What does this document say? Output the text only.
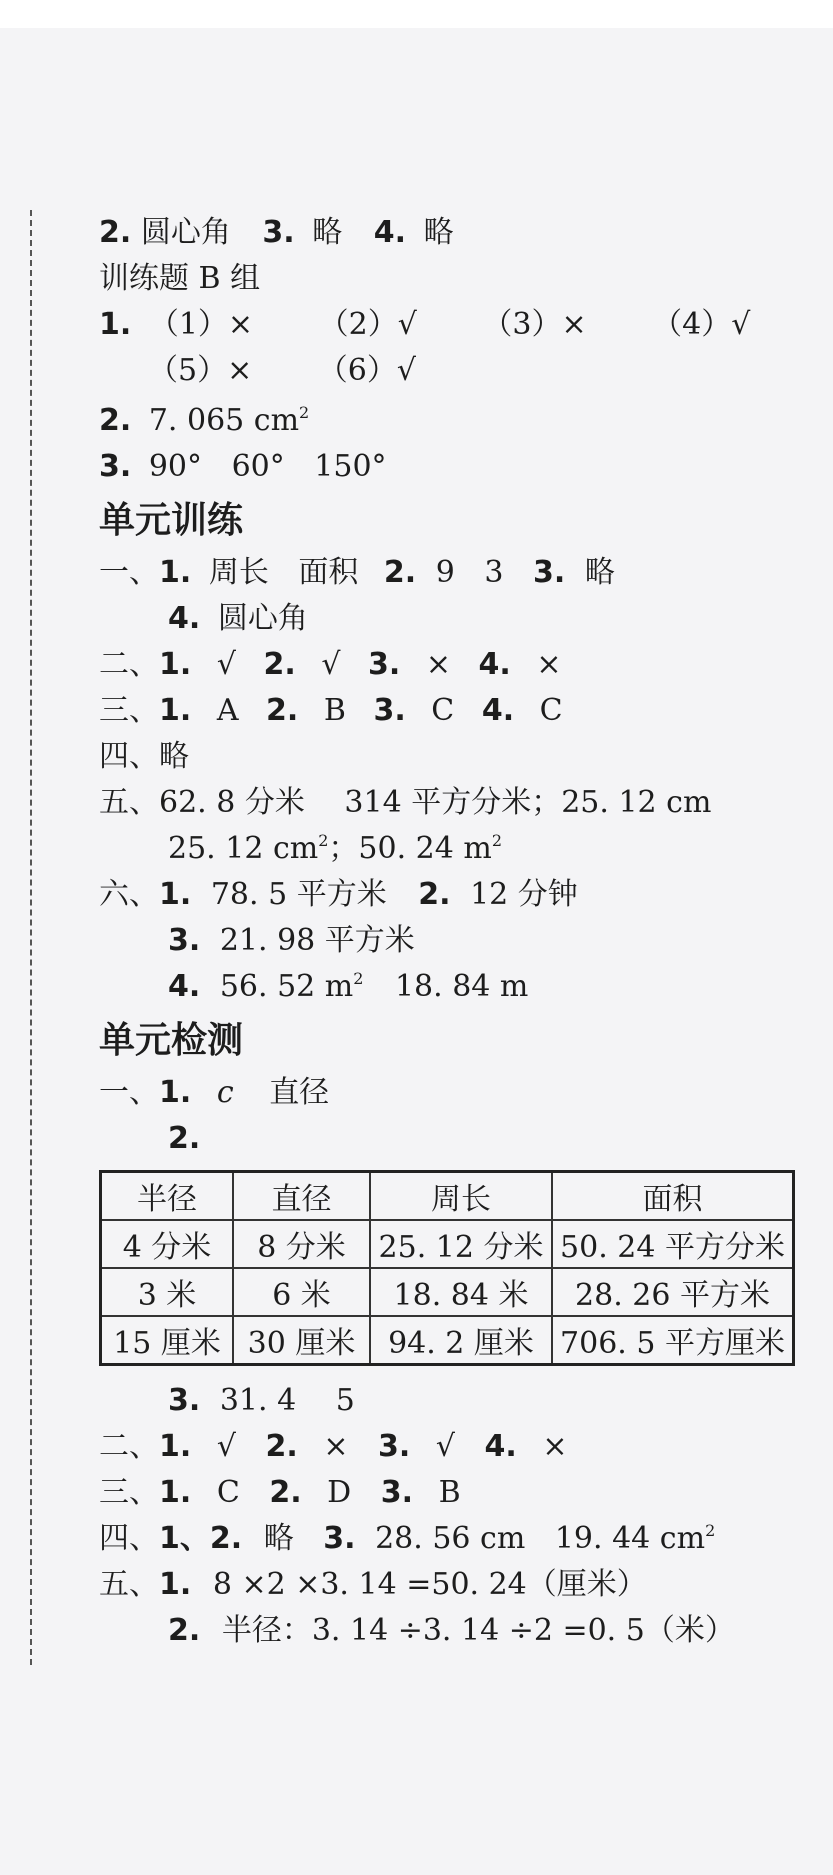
2. 圆心角 3. 略 4. 略
训练题 B 组
1. （1）× （2）√ （3）× （4）√
（5）× （6）√
2. 7. 065 $cm^2$
3. 90° 60° 150°
单元训练
一、1. 周长 面积 2. 9 3 3. 略
4. 圆心角
二、1. √ 2. √ 3. × 4. ×
三、1. A 2. B 3. C 4. C
四、略
五、62. 8 分米　 314 平方分米；25. 12 cm
25. 12 $cm^2$；50. 24 $m^2$
六、1. 78. 5 平方米 2. 12 分钟
3. 21. 98 平方米
4. 56. 52 $m^2$ 18. 84 m
单元检测
一、1. c 直径
2.
半径	直径	周长	面积
4 分米	8 分米	25. 12 分米	50. 24 平方分米
3 米	6 米	18. 84 米	28. 26 平方米
15 厘米	30 厘米	94. 2 厘米	706. 5 平方厘米
3. 31. 4　 5
二、1. √ 2. × 3. √ 4. ×
三、1. C 2. D 3. B
四、1、2. 略 3. 28. 56 cm 19. 44 $cm^2$
五、1. 8 ×2 ×3. 14 =50. 24（厘米）
2. 半径：3. 14 ÷3. 14 ÷2 =0. 5（米）
